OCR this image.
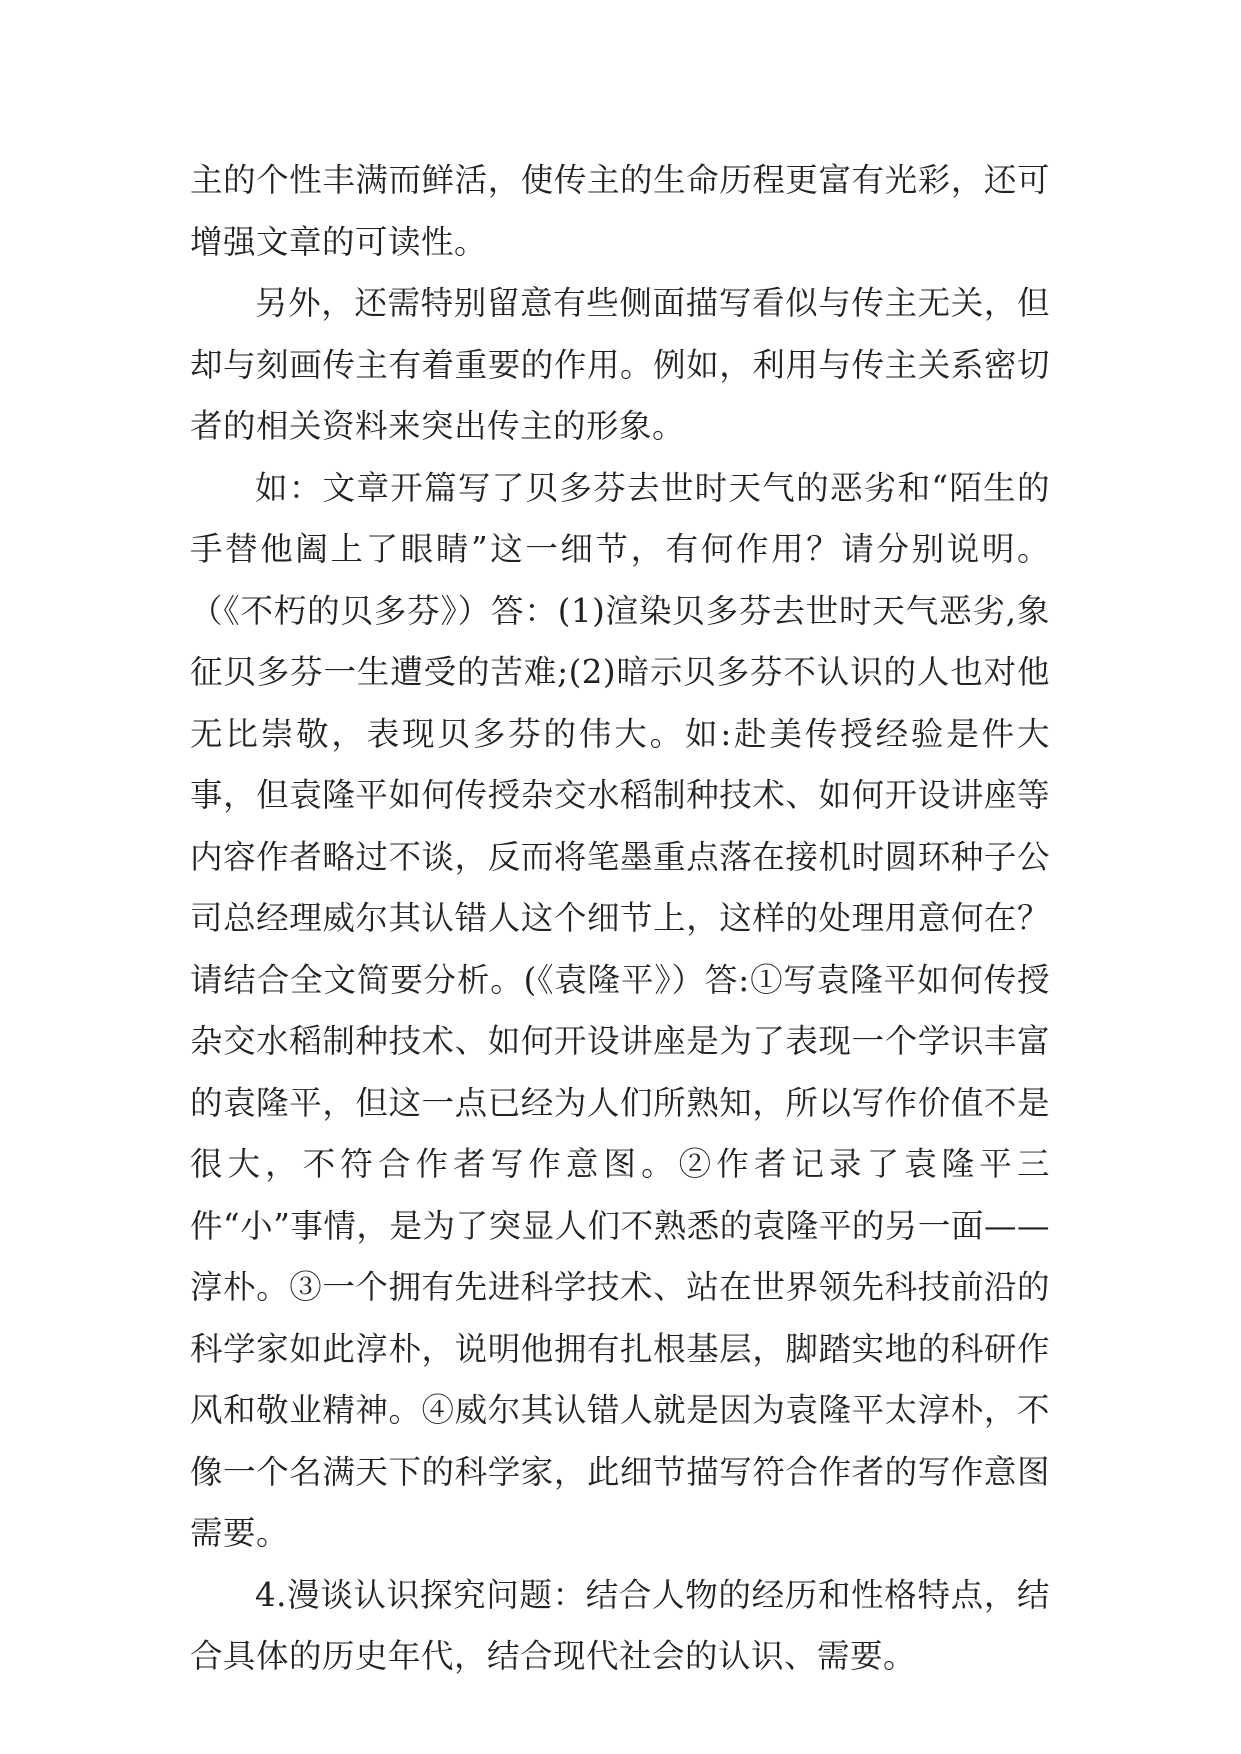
主的个性丰满而鲜活，使传主的生命历程更富有光彩，还可增强文章的可读性。

另外，还需特别留意有些侧面描写看似与传主无关，但却与刻画传主有着重要的作用。例如，利用与传主关系密切者的相关资料来突出传主的形象。

如：文章开篇写了贝多芬去世时天气的恶劣和“陌生的手替他阖上了眼睛”这一细节，有何作用？请分别说明。（《不朽的贝多芬》）答：(1)渲染贝多芬去世时天气恶劣,象征贝多芬一生遭受的苦难;(2)暗示贝多芬不认识的人也对他无比崇敬，表现贝多芬的伟大。如:赴美传授经验是件大事，但袁隆平如何传授杂交水稻制种技术、如何开设讲座等内容作者略过不谈，反而将笔墨重点落在接机时圆环种子公司总经理威尔其认错人这个细节上，这样的处理用意何在？请结合全文简要分析。(《袁隆平》）答:①写袁隆平如何传授杂交水稻制种技术、如何开设讲座是为了表现一个学识丰富的袁隆平，但这一点已经为人们所熟知，所以写作价值不是很大，不符合作者写作意图。②作者记录了袁隆平三件“小”事情，是为了突显人们不熟悉的袁隆平的另一面——淳朴。③一个拥有先进科学技术、站在世界领先科技前沿的科学家如此淳朴，说明他拥有扎根基层，脚踏实地的科研作风和敬业精神。④威尔其认错人就是因为袁隆平太淳朴，不像一个名满天下的科学家，此细节描写符合作者的写作意图需要。

4.漫谈认识探究问题：结合人物的经历和性格特点，结合具体的历史年代，结合现代社会的认识、需要。
